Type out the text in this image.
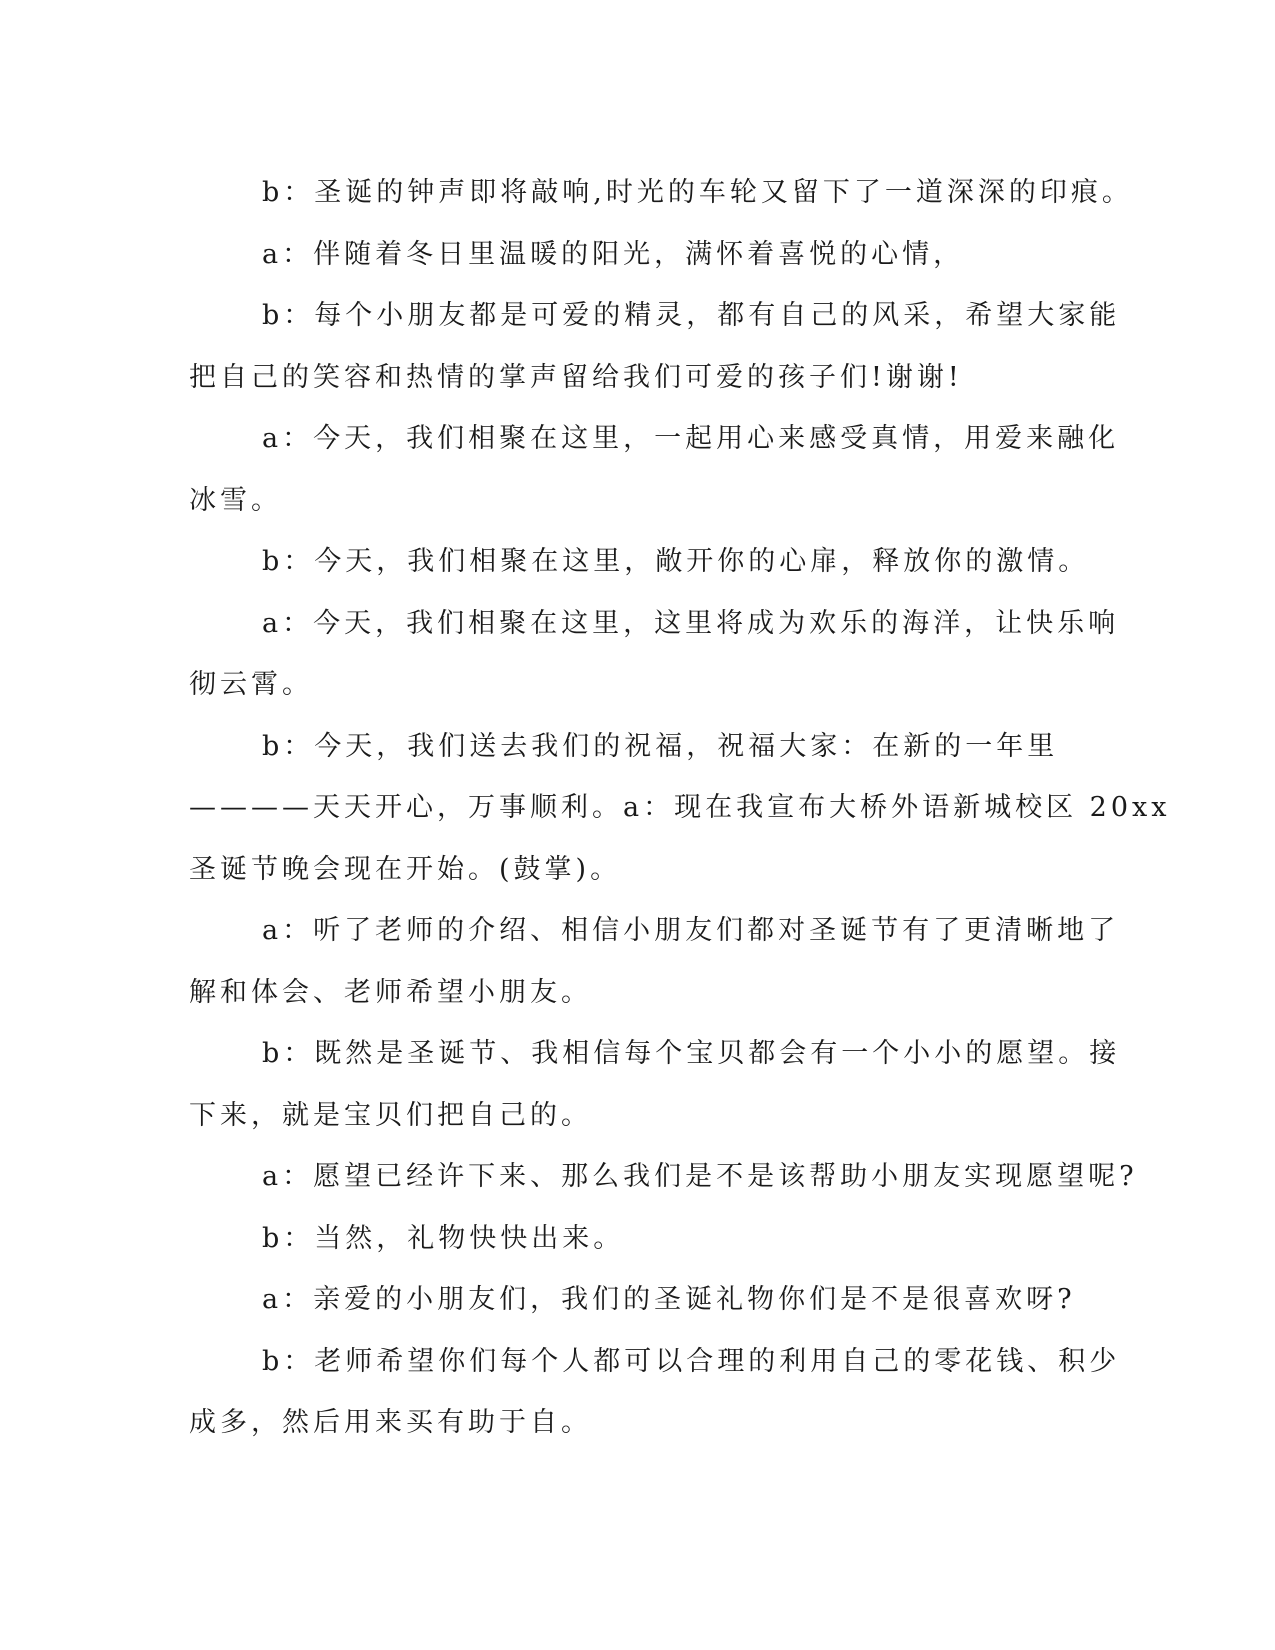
b：圣诞的钟声即将敲响,时光的车轮又留下了一道深深的印痕。
a：伴随着冬日里温暖的阳光，满怀着喜悦的心情，
b：每个小朋友都是可爱的精灵，都有自己的风采，希望大家能
把自己的笑容和热情的掌声留给我们可爱的孩子们!谢谢!
a：今天，我们相聚在这里，一起用心来感受真情，用爱来融化
冰雪。
b：今天，我们相聚在这里，敞开你的心扉，释放你的激情。
a：今天，我们相聚在这里，这里将成为欢乐的海洋，让快乐响
彻云霄。
b：今天，我们送去我们的祝福，祝福大家：在新的一年里
————天天开心，万事顺利。a：现在我宣布大桥外语新城校区 20xx
圣诞节晚会现在开始。(鼓掌)。
a：听了老师的介绍、相信小朋友们都对圣诞节有了更清晰地了
解和体会、老师希望小朋友。
b：既然是圣诞节、我相信每个宝贝都会有一个小小的愿望。接
下来，就是宝贝们把自己的。
a：愿望已经许下来、那么我们是不是该帮助小朋友实现愿望呢?
b：当然，礼物快快出来。
a：亲爱的小朋友们，我们的圣诞礼物你们是不是很喜欢呀?
b：老师希望你们每个人都可以合理的利用自己的零花钱、积少
成多，然后用来买有助于自。
